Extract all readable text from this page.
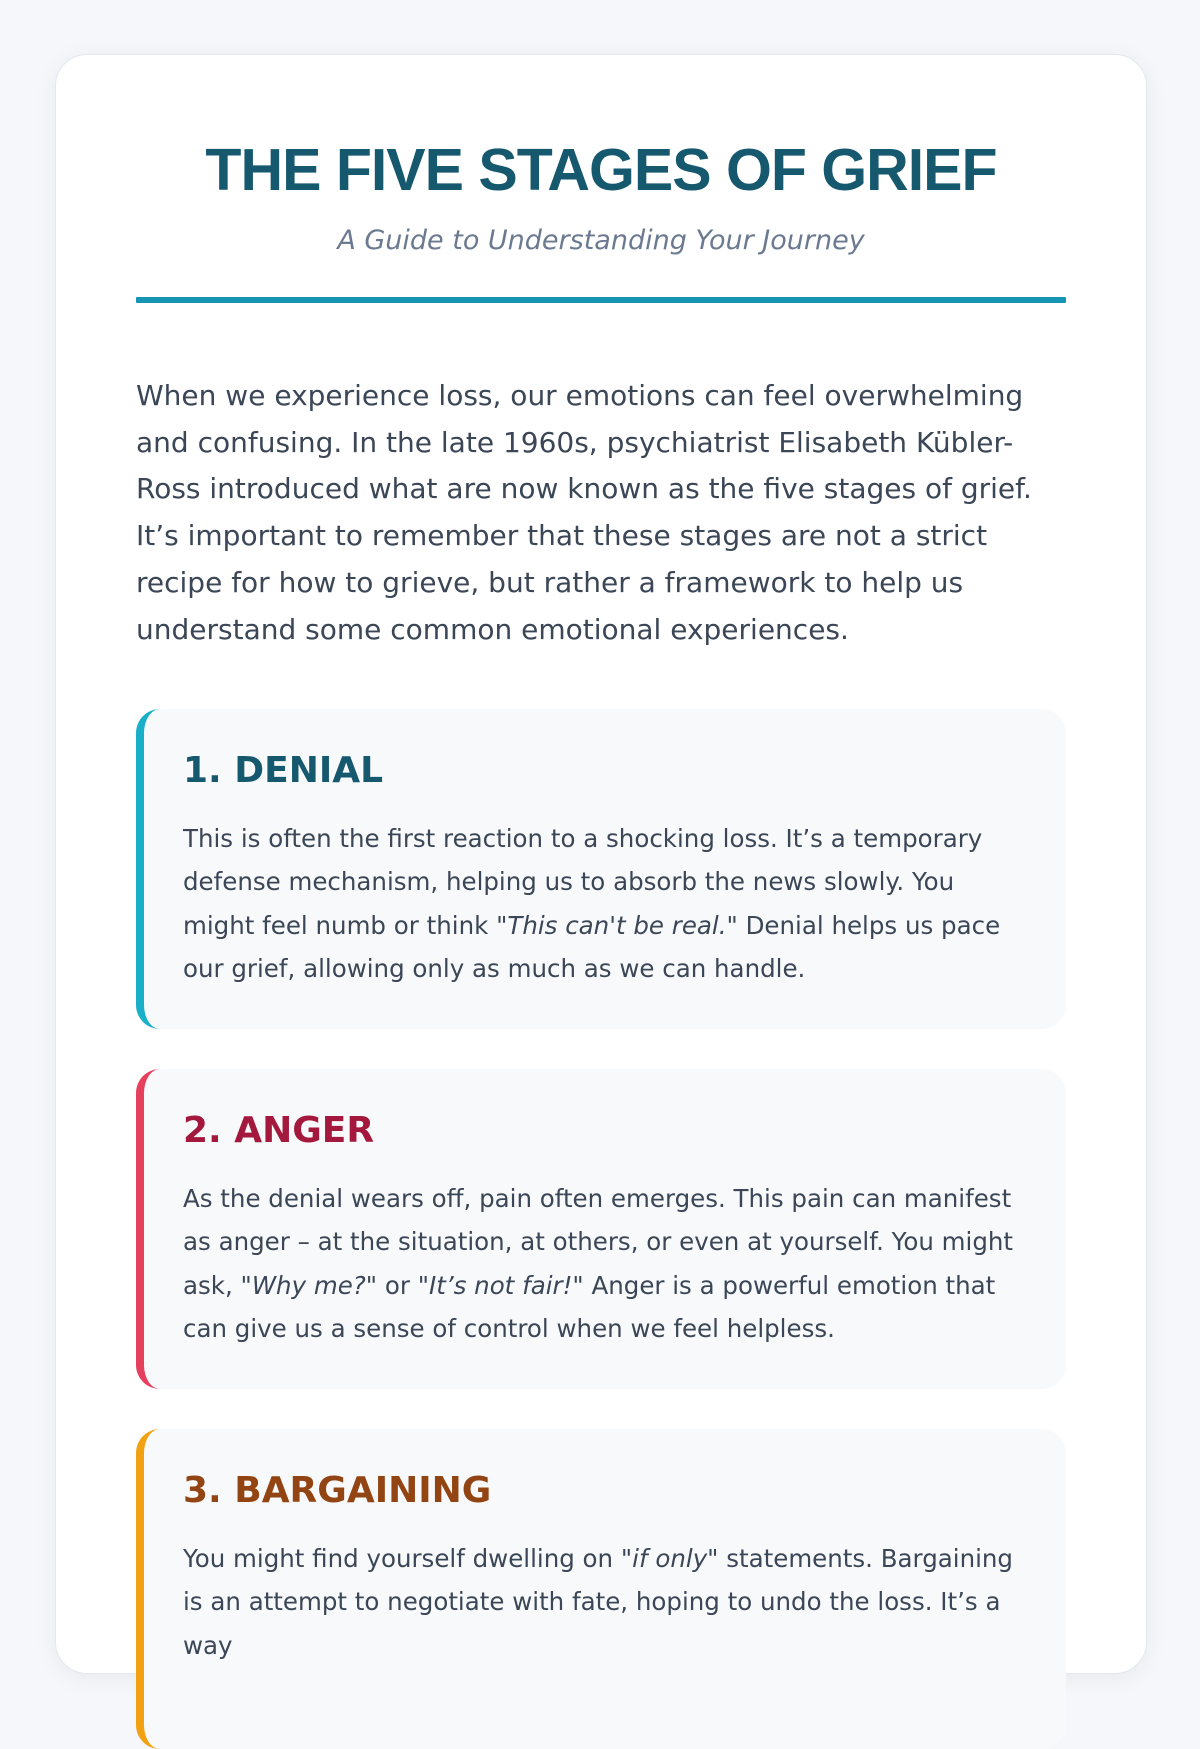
THE FIVE STAGES OF GRIEF
A Guide to Understanding Your Journey

When we experience loss, our emotions can feel overwhelming and confusing. In the late 1960s, psychiatrist Elisabeth Kübler-Ross introduced what are now known as the five stages of grief. It’s important to remember that these stages are not a strict recipe for how to grieve, but rather a framework to help us understand some common emotional experiences.

1. DENIAL

This is often the first reaction to a shocking loss. It’s a temporary defense mechanism, helping us to absorb the news slowly. You might feel numb or think "This can't be real." Denial helps us pace our grief, allowing only as much as we can handle.

2. ANGER

As the denial wears off, pain often emerges. This pain can manifest as anger – at the situation, at others, or even at yourself. You might ask, "Why me?" or "It’s not fair!" Anger is a powerful emotion that can give us a sense of control when we feel helpless.

3. BARGAINING

You might find yourself dwelling on "if only" statements. Bargaining is an attempt to negotiate with fate, hoping to undo the loss. It’s a way
